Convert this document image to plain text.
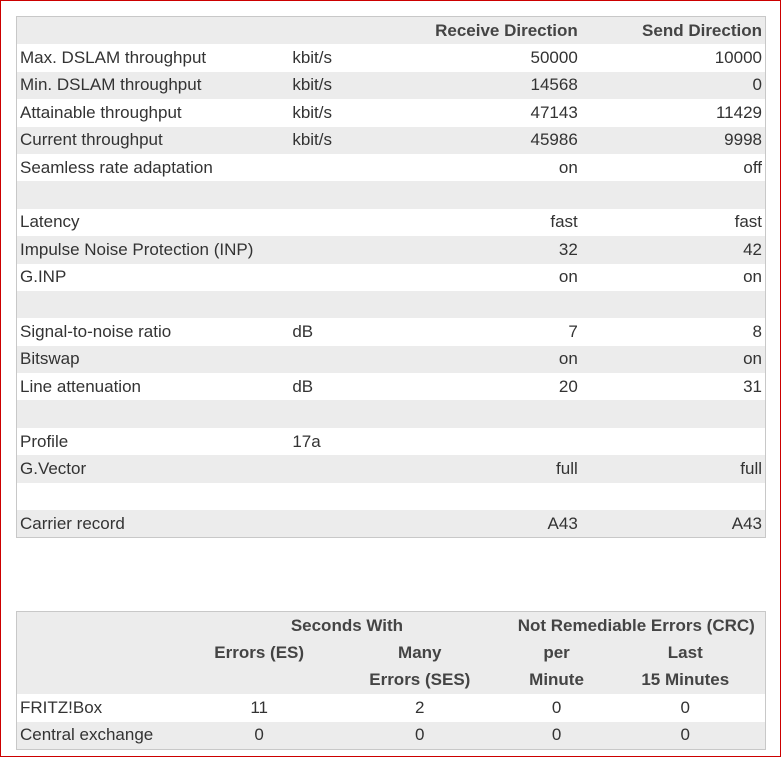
		Receive Direction	Send Direction
Max. DSLAM throughput	kbit/s	50000	10000
Min. DSLAM throughput	kbit/s	14568	0
Attainable throughput	kbit/s	47143	11429
Current throughput	kbit/s	45986	9998
Seamless rate adaptation		on	off

Latency		fast	fast
Impulse Noise Protection (INP)		32	42
G.INP		on	on

Signal-to-noise ratio	dB	7	8
Bitswap		on	on
Line attenuation	dB	20	31

Profile	17a		
G.Vector		full	full

Carrier record		A43	A43
	Seconds With		Not Remediable Errors (CRC)	
	Errors (ES)	Many	per	Last
		Errors (SES)	Minute	15 Minutes
FRITZ!Box	11	2	0	0
Central exchange	0	0	0	0
